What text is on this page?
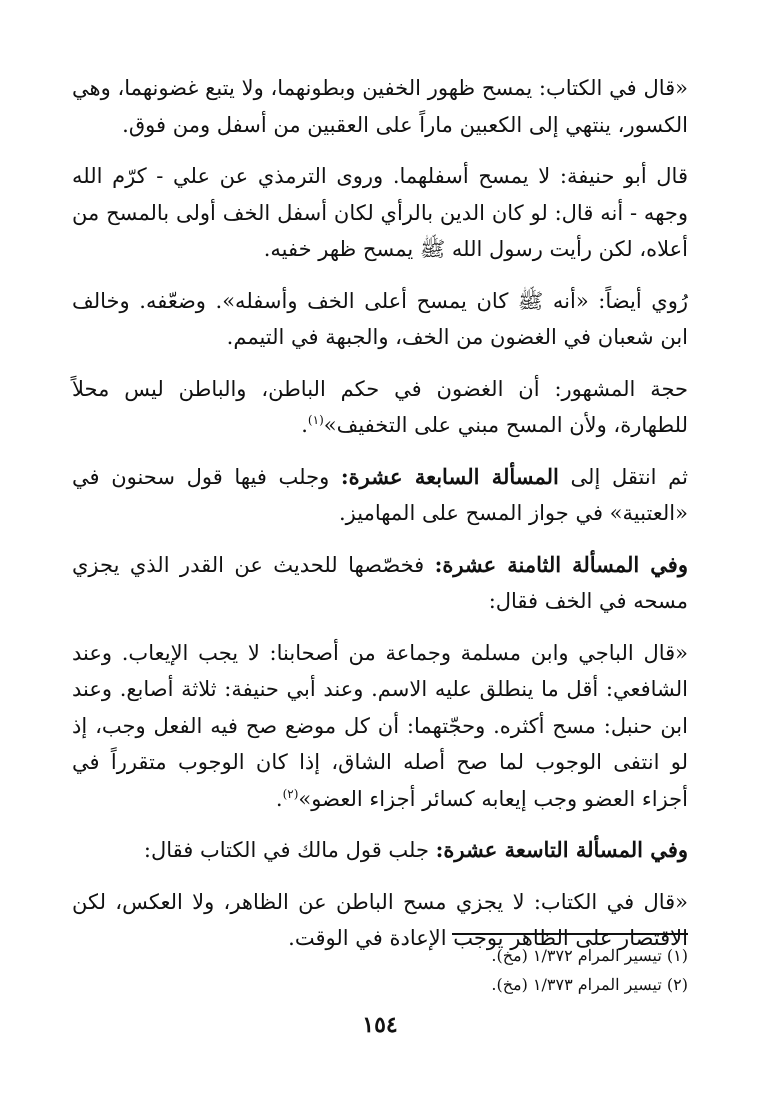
«قال في الكتاب: يمسح ظهور الخفين وبطونهما، ولا يتبع غضونهما، وهي الكسور، ينتهي إلى الكعبين ماراً على العقبين من أسفل ومن فوق.

قال أبو حنيفة: لا يمسح أسفلهما. وروى الترمذي عن علي - كرّم الله وجهه - أنه قال: لو كان الدين بالرأي لكان أسفل الخف أولى بالمسح من أعلاه، لكن رأيت رسول الله ﷺ يمسح ظهر خفيه.

رُوي أيضاً: «أنه ﷺ كان يمسح أعلى الخف وأسفله». وضعّفه. وخالف ابن شعبان في الغضون من الخف، والجبهة في التيمم.

حجة المشهور: أن الغضون في حكم الباطن، والباطن ليس محلاً للطهارة، ولأن المسح مبني على التخفيف»$^{(١)}$.

ثم انتقل إلى المسألة السابعة عشرة: وجلب فيها قول سحنون في «العتبية» في جواز المسح على المهاميز.

وفي المسألة الثامنة عشرة: فخصّصها للحديث عن القدر الذي يجزي مسحه في الخف فقال:

«قال الباجي وابن مسلمة وجماعة من أصحابنا: لا يجب الإيعاب. وعند الشافعي: أقل ما ينطلق عليه الاسم. وعند أبي حنيفة: ثلاثة أصابع. وعند ابن حنبل: مسح أكثره. وحجّتهما: أن كل موضع صح فيه الفعل وجب، إذ لو انتفى الوجوب لما صح أصله الشاق، إذا كان الوجوب متقرراً في أجزاء العضو وجب إيعابه كسائر أجزاء العضو»$^{(٢)}$.

وفي المسألة التاسعة عشرة: جلب قول مالك في الكتاب فقال:

«قال في الكتاب: لا يجزي مسح الباطن عن الظاهر، ولا العكس، لكن الاقتصار على الظاهر يوجب الإعادة في الوقت.

(١) تيسير المرام ١/٣٧٢ (مخ).

(٢) تيسير المرام ١/٣٧٣ (مخ).

١٥٤
